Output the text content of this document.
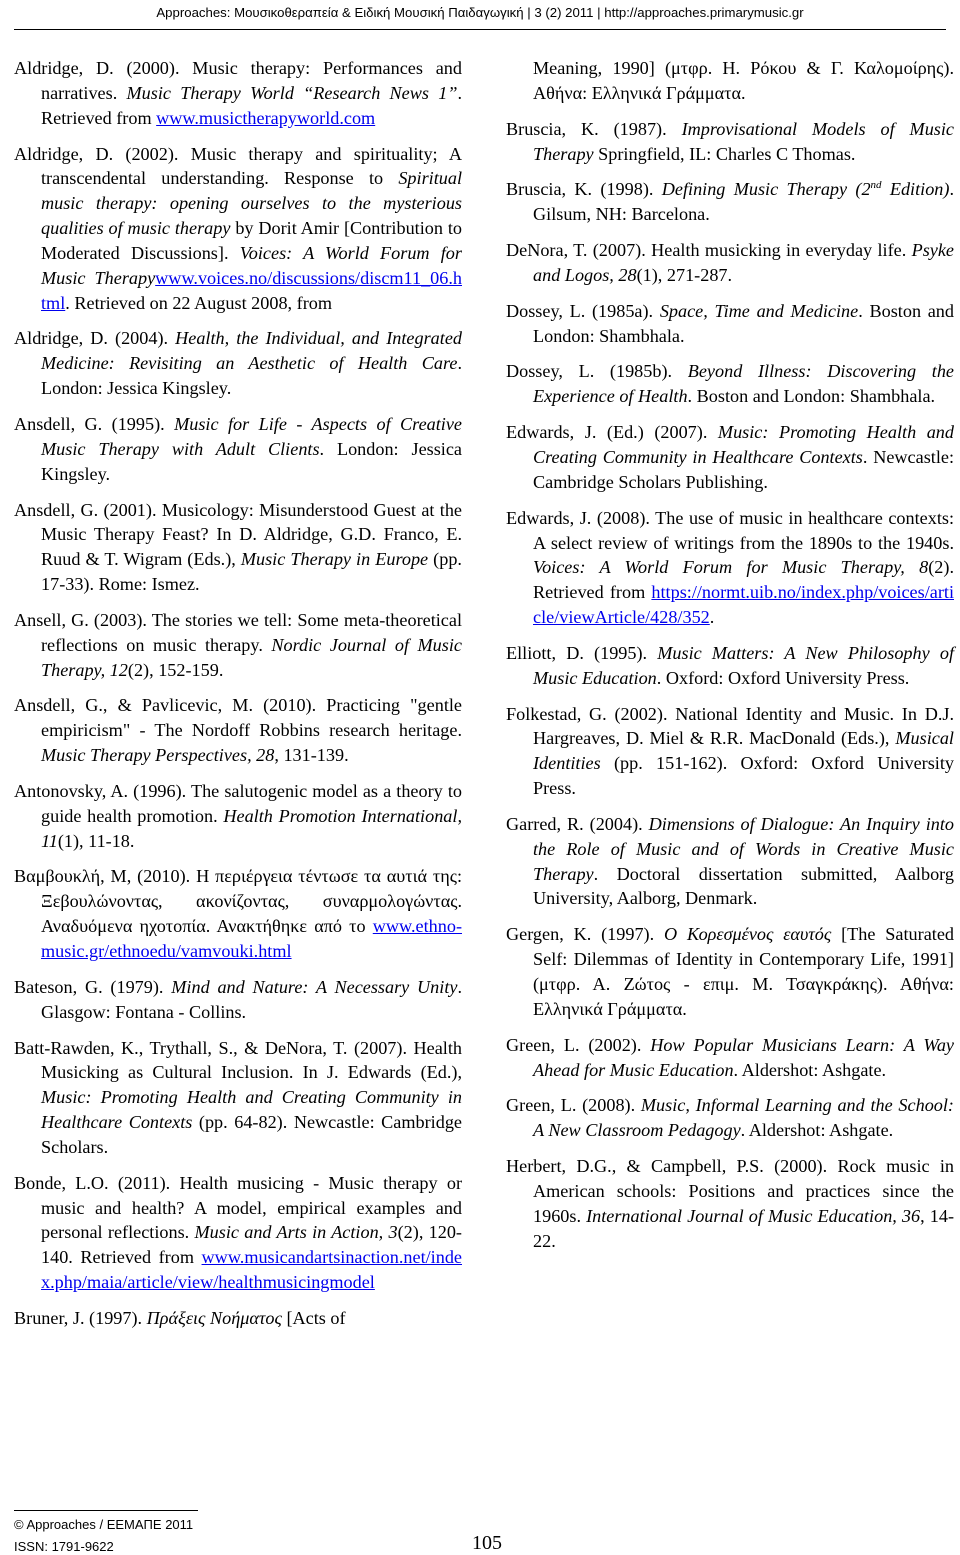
Approaches: Μουσικοθεραπεία & Ειδική Μουσική Παιδαγωγική | 3 (2) 2011 | http://approaches.primarymusic.gr

Aldridge, D. (2000). Music therapy: Performances and narratives. Music Therapy World “Research News 1”. Retrieved from www.musictherapyworld.com

Aldridge, D. (2002). Music therapy and spirituality; A transcendental understanding. Response to Spiritual music therapy: opening ourselves to the mysterious qualities of music therapy by Dorit Amir [Contribution to Moderated Discussions]. Voices: A World Forum for Music Therapywww.voices.no/discussions/discm11_06.html. Retrieved on 22 August 2008, from

Aldridge, D. (2004). Health, the Individual, and Integrated Medicine: Revisiting an Aesthetic of Health Care. London: Jessica Kingsley.

Ansdell, G. (1995). Music for Life - Aspects of Creative Music Therapy with Adult Clients. London: Jessica Kingsley.

Ansdell, G. (2001). Musicology: Misunderstood Guest at the Music Therapy Feast? In D. Aldridge, G.D. Franco, E. Ruud & T. Wigram (Eds.), Music Therapy in Europe (pp. 17-33). Rome: Ismez.

Ansell, G. (2003). The stories we tell: Some meta-theoretical reflections on music therapy. Nordic Journal of Music Therapy, 12(2), 152-159.

Ansdell, G., & Pavlicevic, M. (2010). Practicing "gentle empiricism" - The Nordoff Robbins research heritage. Music Therapy Perspectives, 28, 131-139.

Antonovsky, A. (1996). The salutogenic model as a theory to guide health promotion. Health Promotion International, 11(1), 11-18.

Βαμβουκλή, Μ, (2010). Η περιέργεια τέντωσε τα αυτιά της: Ξεβουλώνοντας, ακονίζοντας, συναρμολογώντας. Αναδυόμενα ηχοτοπία. Ανακτήθηκε από το www.ethno-music.gr/ethnoedu/vamvouki.html

Bateson, G. (1979). Mind and Nature: A Necessary Unity. Glasgow: Fontana - Collins.

Batt-Rawden, K., Trythall, S., & DeNora, T. (2007). Health Musicking as Cultural Inclusion. In J. Edwards (Ed.), Music: Promoting Health and Creating Community in Healthcare Contexts (pp. 64-82). Newcastle: Cambridge Scholars.

Bonde, L.O. (2011). Health musicing - Music therapy or music and health? A model, empirical examples and personal reflections. Music and Arts in Action, 3(2), 120-140. Retrieved from www.musicandartsinaction.net/index.php/maia/article/view/healthmusicingmodel

Bruner, J. (1997). Πράξεις Νοήματος [Acts of

Meaning, 1990] (μτφρ. Η. Ρόκου & Γ. Καλομοίρης). Αθήνα: Ελληνικά Γράμματα.

Bruscia, K. (1987). Improvisational Models of Music Therapy Springfield, IL: Charles C Thomas.

Bruscia, K. (1998). Defining Music Therapy (2nd Edition). Gilsum, NH: Barcelona.

DeNora, T. (2007). Health musicking in everyday life. Psyke and Logos, 28(1), 271-287.

Dossey, L. (1985a). Space, Time and Medicine. Boston and London: Shambhala.

Dossey, L. (1985b). Beyond Illness: Discovering the Experience of Health. Boston and London: Shambhala.

Edwards, J. (Ed.) (2007). Music: Promoting Health and Creating Community in Healthcare Contexts. Newcastle: Cambridge Scholars Publishing.

Edwards, J. (2008). The use of music in healthcare contexts: A select review of writings from the 1890s to the 1940s. Voices: A World Forum for Music Therapy, 8(2). Retrieved from https://normt.uib.no/index.php/voices/article/viewArticle/428/352.

Elliott, D. (1995). Music Matters: A New Philosophy of Music Education. Oxford: Oxford University Press.

Folkestad, G. (2002). National Identity and Music. In D.J. Hargreaves, D. Miel & R.R. MacDonald (Eds.), Musical Identities (pp. 151-162). Oxford: Oxford University Press.

Garred, R. (2004). Dimensions of Dialogue: An Inquiry into the Role of Music and of Words in Creative Music Therapy. Doctoral dissertation submitted, Aalborg University, Aalborg, Denmark.

Gergen, K. (1997). Ο Κορεσμένος εαυτός [The Saturated Self: Dilemmas of Identity in Contemporary Life, 1991] (μτφρ. Α. Ζώτος - επιμ. Μ. Τσαγκράκης). Αθήνα: Ελληνικά Γράμματα.

Green, L. (2002). How Popular Musicians Learn: A Way Ahead for Music Education. Aldershot: Ashgate.

Green, L. (2008). Music, Informal Learning and the School: A New Classroom Pedagogy. Aldershot: Ashgate.

Herbert, D.G., & Campbell, P.S. (2000). Rock music in American schools: Positions and practices since the 1960s. International Journal of Music Education, 36, 14-22.

© Approaches / ΕΕΜΑΠΕ 2011
ISSN: 1791-9622	105
